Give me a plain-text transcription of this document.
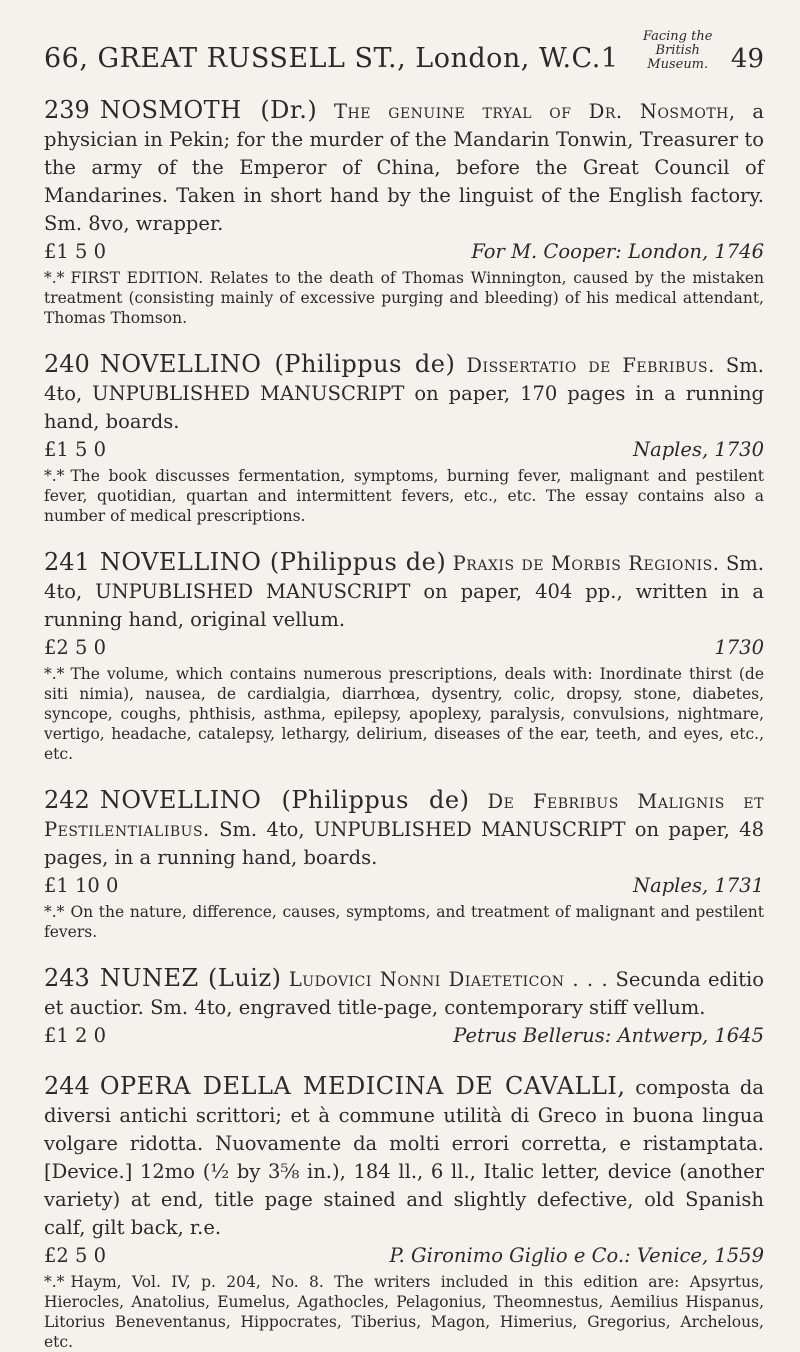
66, GREAT RUSSELL ST., London, W.C.1
Facing the
British Museum. 49

239 NOSMOTH (Dr.) The genuine tryal of Dr. Nosmoth, a physician in Pekin; for the murder of the Mandarin Tonwin, Treasurer to the army of the Emperor of China, before the Great Council of Mandarines. Taken in short hand by the linguist of the English factory. Sm. 8vo, wrapper.

£1 5 0	For M. Cooper: London, 1746

*.* FIRST EDITION. Relates to the death of Thomas Winnington, caused by the mistaken treatment (consisting mainly of excessive purging and bleeding) of his medical attendant, Thomas Thomson.

240 NOVELLINO (Philippus de) Dissertatio de Febribus. Sm. 4to, UNPUBLISHED MANUSCRIPT on paper, 170 pages in a running hand, boards.

£1 5 0	Naples, 1730

*.* The book discusses fermentation, symptoms, burning fever, malignant and pestilent fever, quotidian, quartan and intermittent fevers, etc., etc. The essay contains also a number of medical prescriptions.

241 NOVELLINO (Philippus de) Praxis de Morbis Regionis. Sm. 4to, UNPUBLISHED MANUSCRIPT on paper, 404 pp., written in a running hand, original vellum.

£2 5 0	1730

*.* The volume, which contains numerous prescriptions, deals with: Inordinate thirst (de siti nimia), nausea, de cardialgia, diarrhœa, dysentry, colic, dropsy, stone, diabetes, syncope, coughs, phthisis, asthma, epilepsy, apoplexy, paralysis, convulsions, nightmare, vertigo, headache, catalepsy, lethargy, delirium, diseases of the ear, teeth, and eyes, etc., etc.

242 NOVELLINO (Philippus de) De Febribus Malignis et Pestilentialibus. Sm. 4to, UNPUBLISHED MANUSCRIPT on paper, 48 pages, in a running hand, boards.

£1 10 0	Naples, 1731

*.* On the nature, difference, causes, symptoms, and treatment of malignant and pestilent fevers.

243 NUNEZ (Luiz) Ludovici Nonni Diaeteticon . . . Secunda editio et auctior. Sm. 4to, engraved title-page, contemporary stiff vellum.

£1 2 0	Petrus Bellerus: Antwerp, 1645

244 OPERA DELLA MEDICINA DE CAVALLI, composta da diversi antichi scrittori; et à commune utilità di Greco in buona lingua volgare ridotta. Nuovamente da molti errori corretta, e ristamptata. [Device.] 12mo (½ by 3⅝ in.), 184 ll., 6 ll., Italic letter, device (another variety) at end, title page stained and slightly defective, old Spanish calf, gilt back, r.e.

£2 5 0	P. Gironimo Giglio e Co.: Venice, 1559

*.* Haym, Vol. IV, p. 204, No. 8. The writers included in this edition are: Apsyrtus, Hierocles, Anatolius, Eumelus, Agathocles, Pelagonius, Theomnestus, Aemilius Hispanus, Litorius Beneventanus, Hippocrates, Tiberius, Magon, Himerius, Gregorius, Archelous, etc.
